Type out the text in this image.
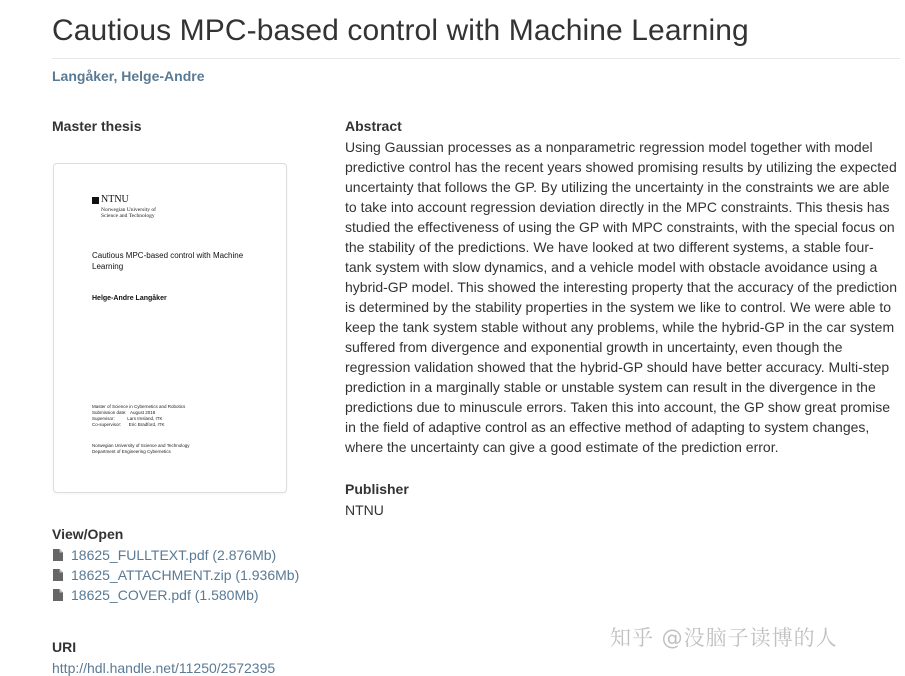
Cautious MPC-based control with Machine Learning
Langåker, Helge-Andre
Master thesis
NTNU
Norwegian University of
Science and Technology
Cautious MPC-based control with Machine Learning
Helge-Andre Langåker
Master of Science in Cybernetics and Robotics
Submission date:   August 2018
Supervisor:          Lars Imsland, ITK
Co-supervisor:      Eric Bradford, ITK
Norwegian University of Science and Technology
Department of Engineering Cybernetics
View/Open
18625_FULLTEXT.pdf (2.876Mb)
18625_ATTACHMENT.zip (1.936Mb)
18625_COVER.pdf (1.580Mb)
URI
http://hdl.handle.net/11250/2572395
Abstract

Using Gaussian processes as a nonparametric regression model together with model predictive control has the recent years showed promising results by utilizing the expected uncertainty that follows the GP. By utilizing the uncertainty in the constraints we are able to take into account regression deviation directly in the MPC constraints. This thesis has studied the effectiveness of using the GP with MPC constraints, with the special focus on the stability of the predictions. We have looked at two different systems, a stable four-tank system with slow dynamics, and a vehicle model with obstacle avoidance using a hybrid-GP model. This showed the interesting property that the accuracy of the prediction is determined by the stability properties in the system we like to control. We were able to keep the tank system stable without any problems, while the hybrid-GP in the car system suffered from divergence and exponential growth in uncertainty, even though the regression validation showed that the hybrid-GP should have better accuracy. Multi-step prediction in a marginally stable or unstable system can result in the divergence in the predictions due to minuscule errors. Taken this into account, the GP show great promise in the field of adaptive control as an effective method of adapting to system changes, where the uncertainty can give a good estimate of the prediction error.

Publisher
NTNU
知乎 @没脑子读博的人
